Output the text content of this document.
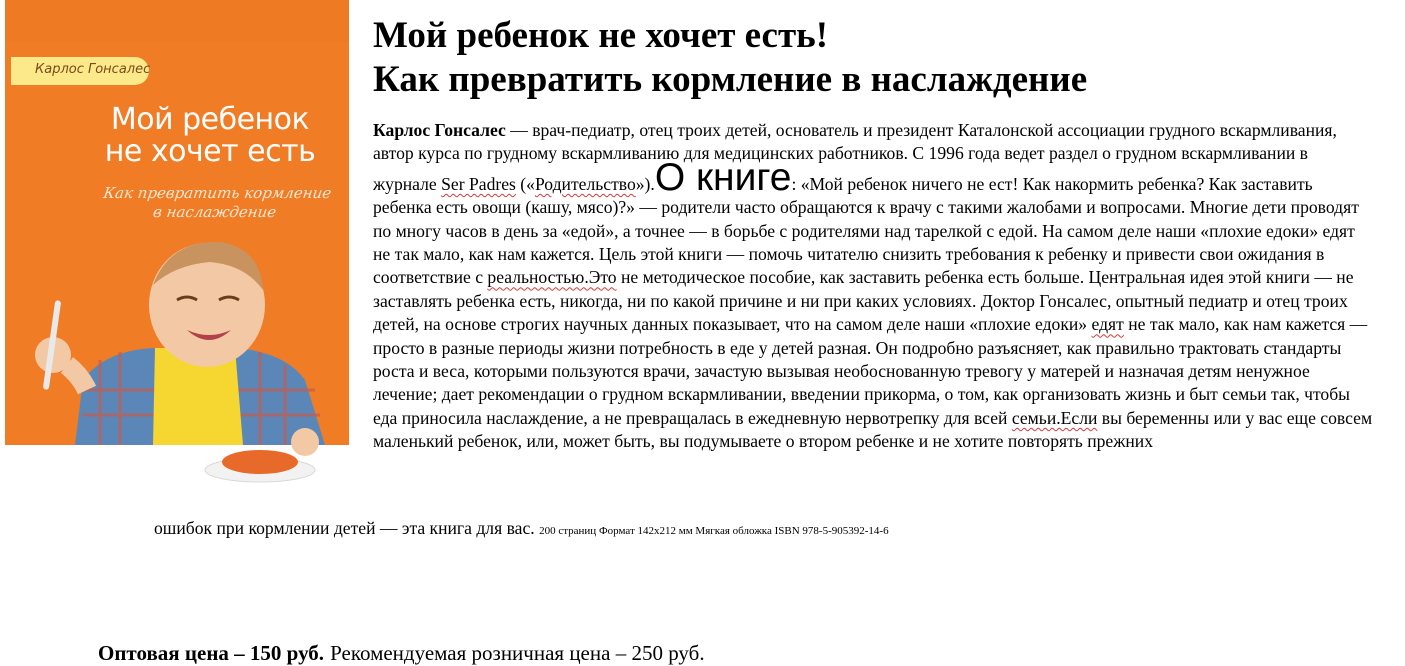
Карлос Гонсалес
Мой ребенок
не хочет есть
Как превратить кормление
в наслаждение
Мой ребенок не хочет есть!
Как превратить кормление в наслаждение
Карлос Гонсалес — врач-педиатр, отец троих детей, основатель и президент Каталонской ассоциации грудного вскармливания, автор курса по грудному вскармливанию для медицинских работников. С 1996 года ведет раздел о грудном вскармливании в журнале Ser Padres («Родительство»).О книге: «Мой ребенок ничего не ест! Как накормить ребенка? Как заставить ребенка есть овощи (кашу, мясо)?» — родители часто обращаются к врачу с такими жалобами и вопросами. Многие дети проводят по многу часов в день за «едой», а точнее — в борьбе с родителями над тарелкой с едой. На самом деле наши «плохие едоки» едят не так мало, как нам кажется. Цель этой книги — помочь читателю снизить требования к ребенку и привести свои ожидания в соответствие с реальностью.Это не методическое пособие, как заставить ребенка есть больше. Центральная идея этой книги — не заставлять ребенка есть, никогда, ни по какой причине и ни при каких условиях. Доктор Гонсалес, опытный педиатр и отец троих детей, на основе строгих научных данных показывает, что на самом деле наши «плохие едоки» едят не так мало, как нам кажется — просто в разные периоды жизни потребность в еде у детей разная. Он подробно разъясняет, как правильно трактовать стандарты роста и веса, которыми пользуются врачи, зачастую вызывая необоснованную тревогу у матерей и назначая детям ненужное лечение; дает рекомендации о грудном вскармливании, введении прикорма, о том, как организовать жизнь и быт семьи так, чтобы еда приносила наслаждение, а не превращалась в ежедневную нервотрепку для всей семьи.Если вы беременны или у вас еще совсем маленький ребенок, или, может быть, вы подумываете о втором ребенке и не хотите повторять прежних
ошибок при кормлении детей — эта книга для вас. 200 страниц Формат 142х212 мм Мягкая обложка ISBN 978-5-905392-14-6
Оптовая цена – 150 руб. Рекомендуемая розничная цена – 250 руб.
